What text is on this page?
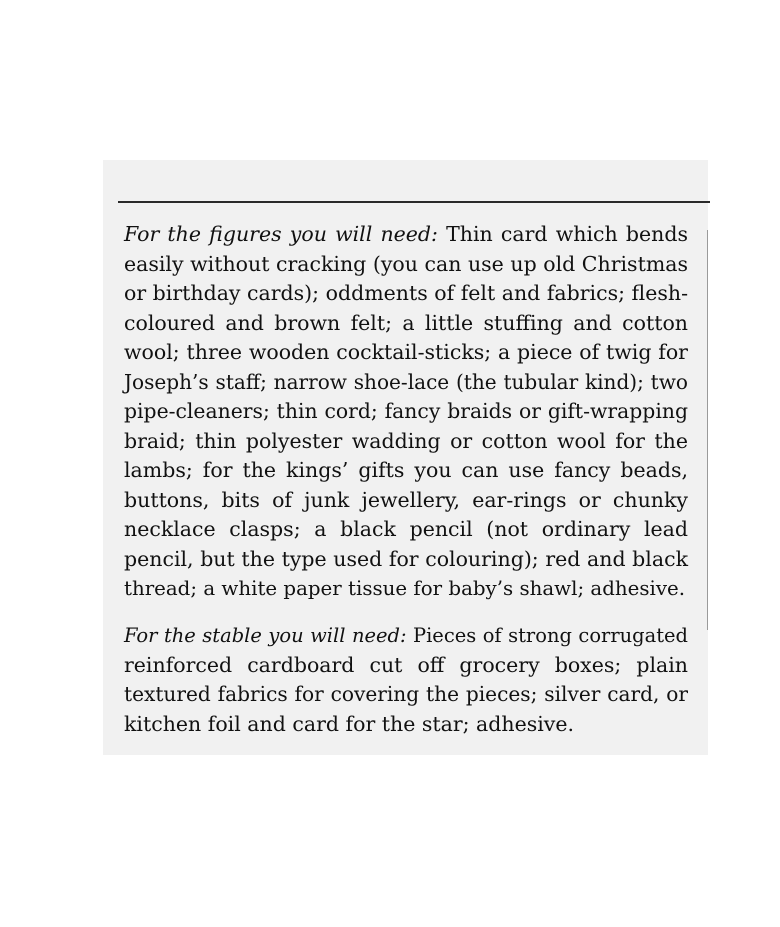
For the figures you will need: Thin card which bends
easily without cracking (you can use up old Christmas
or birthday cards); oddments of felt and fabrics; flesh-
coloured and brown felt; a little stuffing and cotton
wool; three wooden cocktail-sticks; a piece of twig for
Joseph’s staff; narrow shoe-lace (the tubular kind); two
pipe-cleaners; thin cord; fancy braids or gift-wrapping
braid; thin polyester wadding or cotton wool for the
lambs; for the kings’ gifts you can use fancy beads,
buttons, bits of junk jewellery, ear-rings or chunky
necklace clasps; a black pencil (not ordinary lead
pencil, but the type used for colouring); red and black
thread; a white paper tissue for baby’s shawl; adhesive.

For the stable you will need: Pieces of strong corrugated
reinforced cardboard cut off grocery boxes; plain
textured fabrics for covering the pieces; silver card, or
kitchen foil and card for the star; adhesive.
